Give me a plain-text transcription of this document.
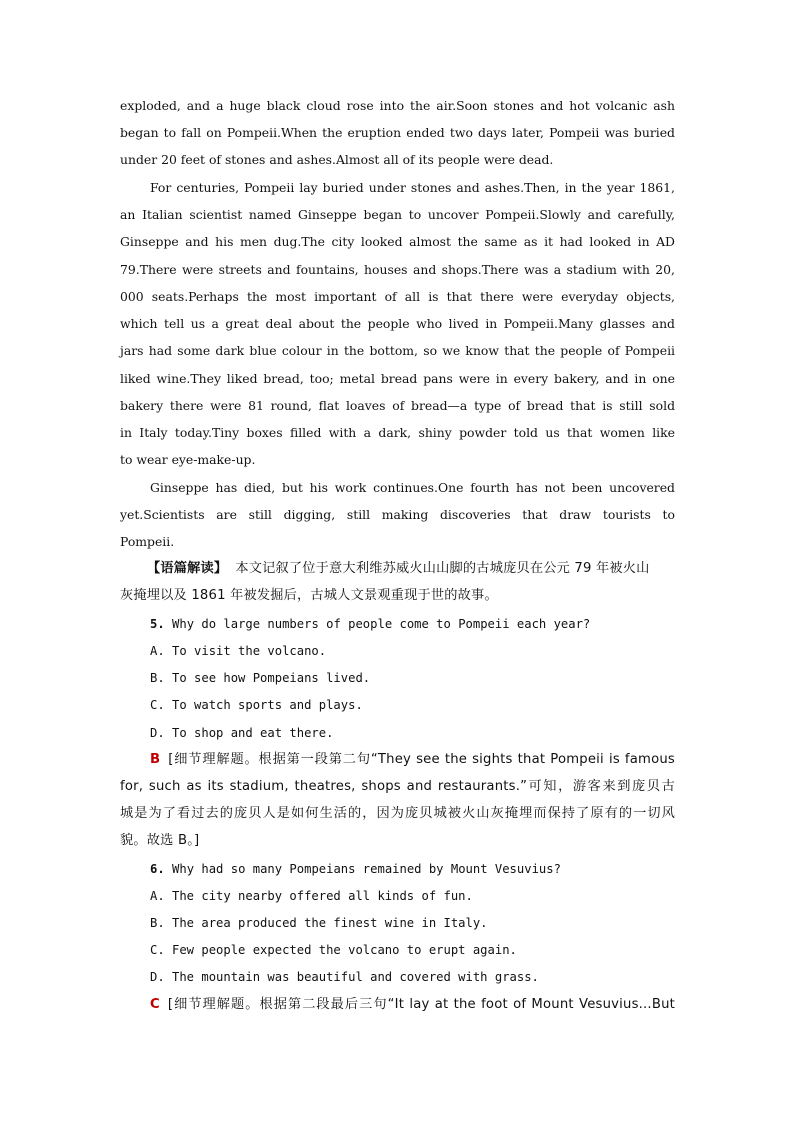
exploded, and a huge black cloud rose into the air.Soon stones and hot volcanic ash
began to fall on Pompeii.When the eruption ended two days later, Pompeii was buried
under 20 feet of stones and ashes.Almost all of its people were dead.
For centuries, Pompeii lay buried under stones and ashes.Then, in the year 1861,
an Italian scientist named Ginseppe began to uncover Pompeii.Slowly and carefully,
Ginseppe and his men dug.The city looked almost the same as it had looked in AD
79.There were streets and fountains, houses and shops.There was a stadium with 20,
000 seats.Perhaps the most important of all is that there were everyday objects,
which tell us a great deal about the people who lived in Pompeii.Many glasses and
jars had some dark blue colour in the bottom, so we know that the people of Pompeii
liked wine.They liked bread, too; metal bread pans were in every bakery, and in one
bakery there were 81 round, flat loaves of bread—a type of bread that is still sold
in Italy today.Tiny boxes filled with a dark, shiny powder told us that women like
to wear eye-make-up.
Ginseppe has died, but his work continues.One fourth has not been uncovered
yet.Scientists are still digging, still making discoveries that draw tourists to
Pompeii.
【语篇解读】 本文记叙了位于意大利维苏威火山山脚的古城庞贝在公元 79 年被火山
灰掩埋以及 1861 年被发掘后，古城人文景观重现于世的故事。
5. Why do large numbers of people come to Pompeii each year?
A. To visit the volcano.
B. To see how Pompeians lived.
C. To watch sports and plays.
D. To shop and eat there.
B [细节理解题。根据第一段第二句“They see the sights that Pompeii is famous
for, such as its stadium, theatres, shops and restaurants.”可知，游客来到庞贝古
城是为了看过去的庞贝人是如何生活的，因为庞贝城被火山灰掩埋而保持了原有的一切风
貌。故选 B。]
6. Why had so many Pompeians remained by Mount Vesuvius?
A. The city nearby offered all kinds of fun.
B. The area produced the finest wine in Italy.
C. Few people expected the volcano to erupt again.
D. The mountain was beautiful and covered with grass.
C [细节理解题。根据第二段最后三句“It lay at the foot of Mount Vesuvius...But
